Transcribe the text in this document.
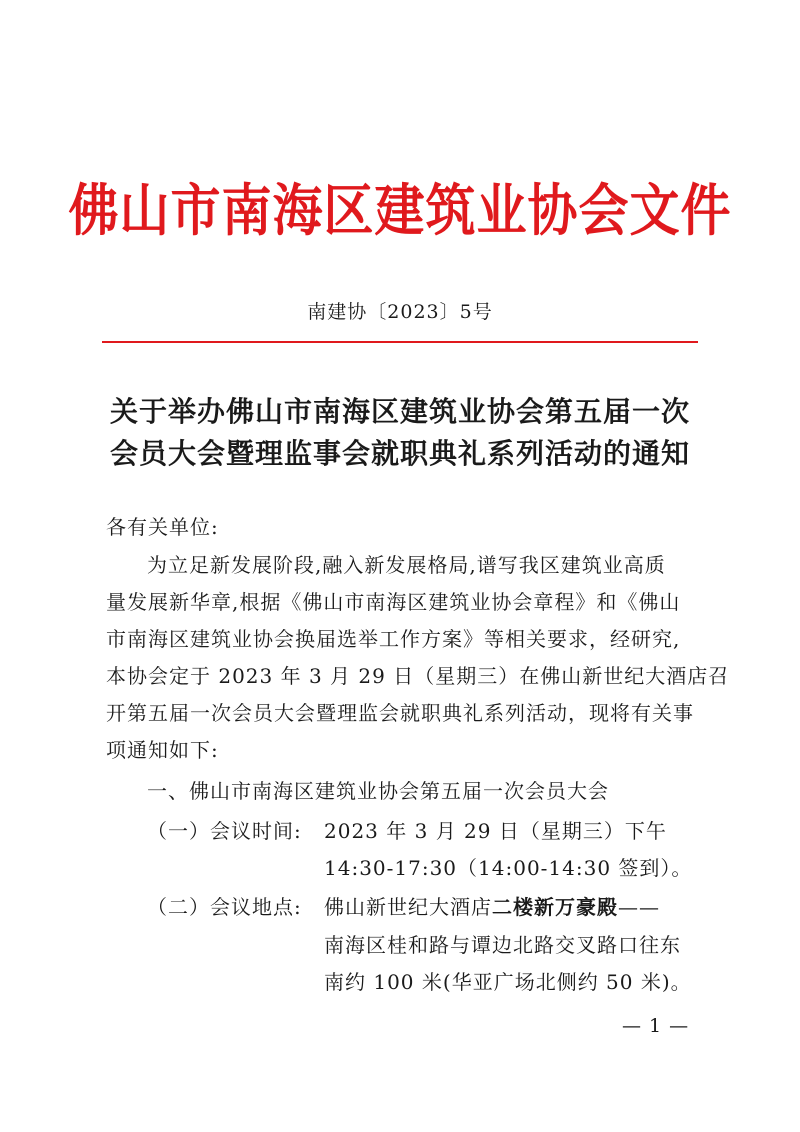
佛山市南海区建筑业协会文件
南建协〔2023〕5号
关于举办佛山市南海区建筑业协会第五届一次
会员大会暨理监事会就职典礼系列活动的通知
各有关单位:
为立足新发展阶段,融入新发展格局,谱写我区建筑业高质
量发展新华章,根据《佛山市南海区建筑业协会章程》和《佛山
市南海区建筑业协会换届选举工作方案》等相关要求，经研究,
本协会定于 2023 年 3 月 29 日（星期三）在佛山新世纪大酒店召
开第五届一次会员大会暨理监会就职典礼系列活动，现将有关事
项通知如下:
一、佛山市南海区建筑业协会第五届一次会员大会
（一）会议时间: 2023 年 3 月 29 日（星期三）下午
14:30-17:30（14:00-14:30 签到）。
（二）会议地点: 佛山新世纪大酒店二楼新万豪殿——
南海区桂和路与谭边北路交叉路口往东
南约 100 米(华亚广场北侧约 50 米)。
— 1 —
